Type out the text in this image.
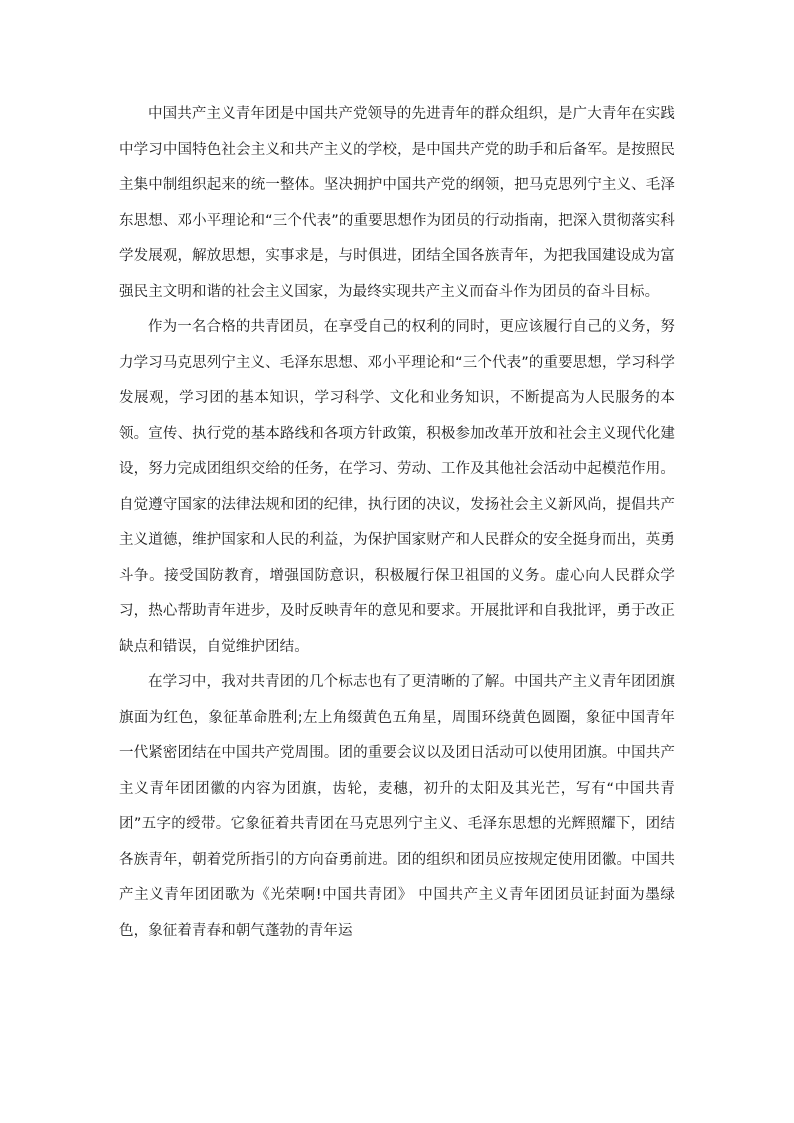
中国共产主义青年团是中国共产党领导的先进青年的群众组织，是广大青年在实践中学习中国特色社会主义和共产主义的学校，是中国共产党的助手和后备军。是按照民主集中制组织起来的统一整体。坚决拥护中国共产党的纲领，把马克思列宁主义、毛泽东思想、邓小平理论和“三个代表”的重要思想作为团员的行动指南，把深入贯彻落实科学发展观，解放思想，实事求是，与时俱进，团结全国各族青年，为把我国建设成为富强民主文明和谐的社会主义国家，为最终实现共产主义而奋斗作为团员的奋斗目标。

作为一名合格的共青团员，在享受自己的权利的同时，更应该履行自己的义务，努力学习马克思列宁主义、毛泽东思想、邓小平理论和“三个代表”的重要思想，学习科学发展观，学习团的基本知识，学习科学、文化和业务知识，不断提高为人民服务的本领。宣传、执行党的基本路线和各项方针政策，积极参加改革开放和社会主义现代化建设，努力完成团组织交给的任务，在学习、劳动、工作及其他社会活动中起模范作用。自觉遵守国家的法律法规和团的纪律，执行团的决议，发扬社会主义新风尚，提倡共产主义道德，维护国家和人民的利益，为保护国家财产和人民群众的安全挺身而出，英勇斗争。接受国防教育，增强国防意识，积极履行保卫祖国的义务。虚心向人民群众学习，热心帮助青年进步，及时反映青年的意见和要求。开展批评和自我批评，勇于改正缺点和错误，自觉维护团结。

在学习中，我对共青团的几个标志也有了更清晰的了解。中国共产主义青年团团旗旗面为红色，象征革命胜利;左上角缀黄色五角星，周围环绕黄色圆圈，象征中国青年一代紧密团结在中国共产党周围。团的重要会议以及团日活动可以使用团旗。中国共产主义青年团团徽的内容为团旗，齿轮，麦穗，初升的太阳及其光芒，写有“中国共青团”五字的绶带。它象征着共青团在马克思列宁主义、毛泽东思想的光辉照耀下，团结各族青年，朝着党所指引的方向奋勇前进。团的组织和团员应按规定使用团徽。中国共产主义青年团团歌为《光荣啊!中国共青团》 中国共产主义青年团团员证封面为墨绿色，象征着青春和朝气蓬勃的青年运
